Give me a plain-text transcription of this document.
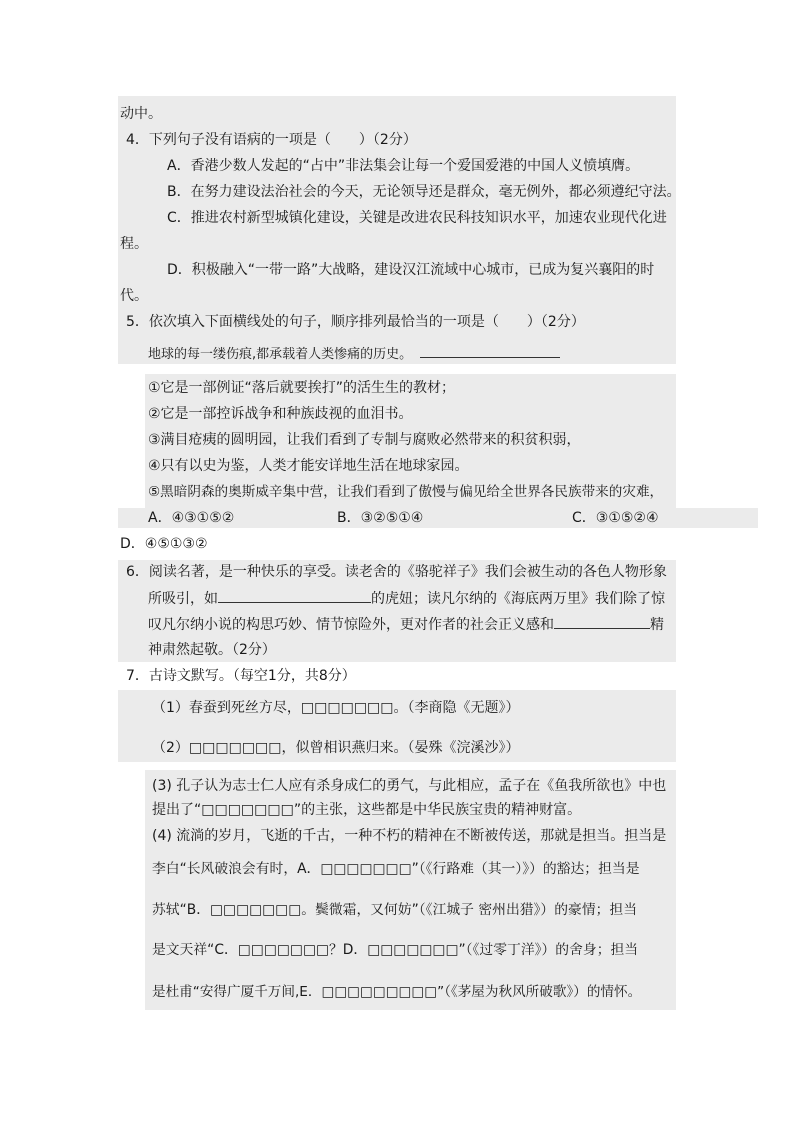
动中。
4．下列句子没有语病的一项是（　　）（2分）
A．香港少数人发起的“占中”非法集会让每一个爱国爱港的中国人义愤填膺。
B．在努力建设法治社会的今天，无论领导还是群众，毫无例外，都必须遵纪守法。
C．推进农村新型城镇化建设，关键是改进农民科技知识水平，加速农业现代化进
程。
D．积极融入“一带一路”大战略，建设汉江流域中心城市，已成为复兴襄阳的时
代。
5．依次填入下面横线处的句子，顺序排列最恰当的一项是（　　）（2分）
地球的每一缕伤痕,都承载着人类惨痛的历史。
①它是一部例证“落后就要挨打”的活生生的教材；
②它是一部控诉战争和种族歧视的血泪书。
③满目疮痍的圆明园，让我们看到了专制与腐败必然带来的积贫积弱，
④只有以史为鉴，人类才能安详地生活在地球家园。
⑤黑暗阴森的奥斯威辛集中营，让我们看到了傲慢与偏见给全世界各民族带来的灾难，
A．④③①⑤②	B．③②⑤①④	C．③①⑤②④
D．④⑤①③②
6．阅读名著，是一种快乐的享受。读老舍的《骆驼祥子》我们会被生动的各色人物形象
所吸引，如	的虎妞；读凡尔纳的《海底两万里》我们除了惊
叹凡尔纳小说的构思巧妙、情节惊险外，更对作者的社会正义感和	精
神肃然起敬。（2分）
7．古诗文默写。（每空1分，共8分）
（1）春蚕到死丝方尽，□□□□□□□。（李商隐《无题》）
（2）□□□□□□□，似曾相识燕归来。（晏殊《浣溪沙》）
(3) 孔子认为志士仁人应有杀身成仁的勇气，与此相应，孟子在《鱼我所欲也》中也
提出了“□□□□□□□”的主张，这些都是中华民族宝贵的精神财富。
(4) 流淌的岁月，飞逝的千古，一种不朽的精神在不断被传送，那就是担当。担当是
李白“长风破浪会有时，A．□□□□□□□”（《行路难（其一）》）的豁达；担当是
苏轼“B．□□□□□□□。鬓微霜，又何妨”（《江城子 密州出猎》）的豪情；担当
是文天祥“C．□□□□□□□？D．□□□□□□□”（《过零丁洋》）的舍身；担当
是杜甫“安得广厦千万间,E．□□□□□□□□□”（《茅屋为秋风所破歌》）的情怀。
